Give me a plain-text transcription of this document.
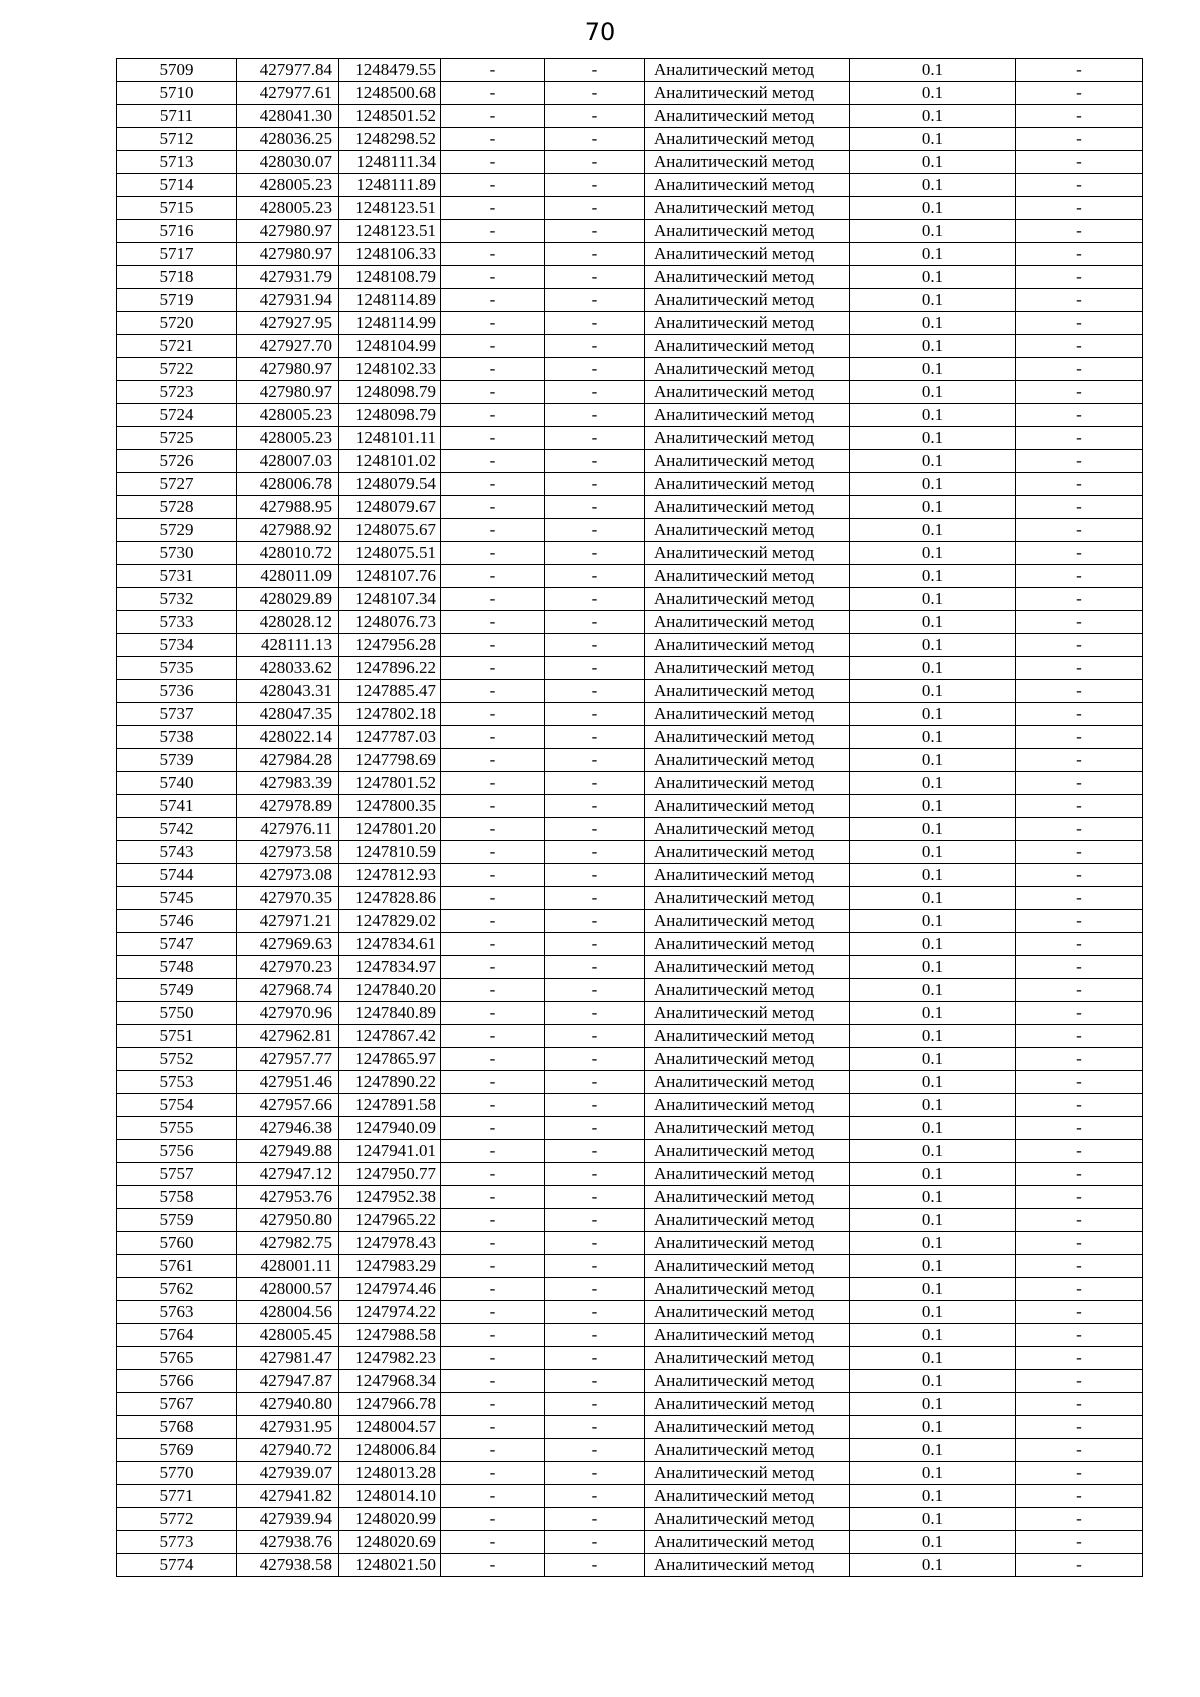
70
5709	427977.84	1248479.55	-	-	Аналитический метод	0.1	-
5710	427977.61	1248500.68	-	-	Аналитический метод	0.1	-
5711	428041.30	1248501.52	-	-	Аналитический метод	0.1	-
5712	428036.25	1248298.52	-	-	Аналитический метод	0.1	-
5713	428030.07	1248111.34	-	-	Аналитический метод	0.1	-
5714	428005.23	1248111.89	-	-	Аналитический метод	0.1	-
5715	428005.23	1248123.51	-	-	Аналитический метод	0.1	-
5716	427980.97	1248123.51	-	-	Аналитический метод	0.1	-
5717	427980.97	1248106.33	-	-	Аналитический метод	0.1	-
5718	427931.79	1248108.79	-	-	Аналитический метод	0.1	-
5719	427931.94	1248114.89	-	-	Аналитический метод	0.1	-
5720	427927.95	1248114.99	-	-	Аналитический метод	0.1	-
5721	427927.70	1248104.99	-	-	Аналитический метод	0.1	-
5722	427980.97	1248102.33	-	-	Аналитический метод	0.1	-
5723	427980.97	1248098.79	-	-	Аналитический метод	0.1	-
5724	428005.23	1248098.79	-	-	Аналитический метод	0.1	-
5725	428005.23	1248101.11	-	-	Аналитический метод	0.1	-
5726	428007.03	1248101.02	-	-	Аналитический метод	0.1	-
5727	428006.78	1248079.54	-	-	Аналитический метод	0.1	-
5728	427988.95	1248079.67	-	-	Аналитический метод	0.1	-
5729	427988.92	1248075.67	-	-	Аналитический метод	0.1	-
5730	428010.72	1248075.51	-	-	Аналитический метод	0.1	-
5731	428011.09	1248107.76	-	-	Аналитический метод	0.1	-
5732	428029.89	1248107.34	-	-	Аналитический метод	0.1	-
5733	428028.12	1248076.73	-	-	Аналитический метод	0.1	-
5734	428111.13	1247956.28	-	-	Аналитический метод	0.1	-
5735	428033.62	1247896.22	-	-	Аналитический метод	0.1	-
5736	428043.31	1247885.47	-	-	Аналитический метод	0.1	-
5737	428047.35	1247802.18	-	-	Аналитический метод	0.1	-
5738	428022.14	1247787.03	-	-	Аналитический метод	0.1	-
5739	427984.28	1247798.69	-	-	Аналитический метод	0.1	-
5740	427983.39	1247801.52	-	-	Аналитический метод	0.1	-
5741	427978.89	1247800.35	-	-	Аналитический метод	0.1	-
5742	427976.11	1247801.20	-	-	Аналитический метод	0.1	-
5743	427973.58	1247810.59	-	-	Аналитический метод	0.1	-
5744	427973.08	1247812.93	-	-	Аналитический метод	0.1	-
5745	427970.35	1247828.86	-	-	Аналитический метод	0.1	-
5746	427971.21	1247829.02	-	-	Аналитический метод	0.1	-
5747	427969.63	1247834.61	-	-	Аналитический метод	0.1	-
5748	427970.23	1247834.97	-	-	Аналитический метод	0.1	-
5749	427968.74	1247840.20	-	-	Аналитический метод	0.1	-
5750	427970.96	1247840.89	-	-	Аналитический метод	0.1	-
5751	427962.81	1247867.42	-	-	Аналитический метод	0.1	-
5752	427957.77	1247865.97	-	-	Аналитический метод	0.1	-
5753	427951.46	1247890.22	-	-	Аналитический метод	0.1	-
5754	427957.66	1247891.58	-	-	Аналитический метод	0.1	-
5755	427946.38	1247940.09	-	-	Аналитический метод	0.1	-
5756	427949.88	1247941.01	-	-	Аналитический метод	0.1	-
5757	427947.12	1247950.77	-	-	Аналитический метод	0.1	-
5758	427953.76	1247952.38	-	-	Аналитический метод	0.1	-
5759	427950.80	1247965.22	-	-	Аналитический метод	0.1	-
5760	427982.75	1247978.43	-	-	Аналитический метод	0.1	-
5761	428001.11	1247983.29	-	-	Аналитический метод	0.1	-
5762	428000.57	1247974.46	-	-	Аналитический метод	0.1	-
5763	428004.56	1247974.22	-	-	Аналитический метод	0.1	-
5764	428005.45	1247988.58	-	-	Аналитический метод	0.1	-
5765	427981.47	1247982.23	-	-	Аналитический метод	0.1	-
5766	427947.87	1247968.34	-	-	Аналитический метод	0.1	-
5767	427940.80	1247966.78	-	-	Аналитический метод	0.1	-
5768	427931.95	1248004.57	-	-	Аналитический метод	0.1	-
5769	427940.72	1248006.84	-	-	Аналитический метод	0.1	-
5770	427939.07	1248013.28	-	-	Аналитический метод	0.1	-
5771	427941.82	1248014.10	-	-	Аналитический метод	0.1	-
5772	427939.94	1248020.99	-	-	Аналитический метод	0.1	-
5773	427938.76	1248020.69	-	-	Аналитический метод	0.1	-
5774	427938.58	1248021.50	-	-	Аналитический метод	0.1	-
